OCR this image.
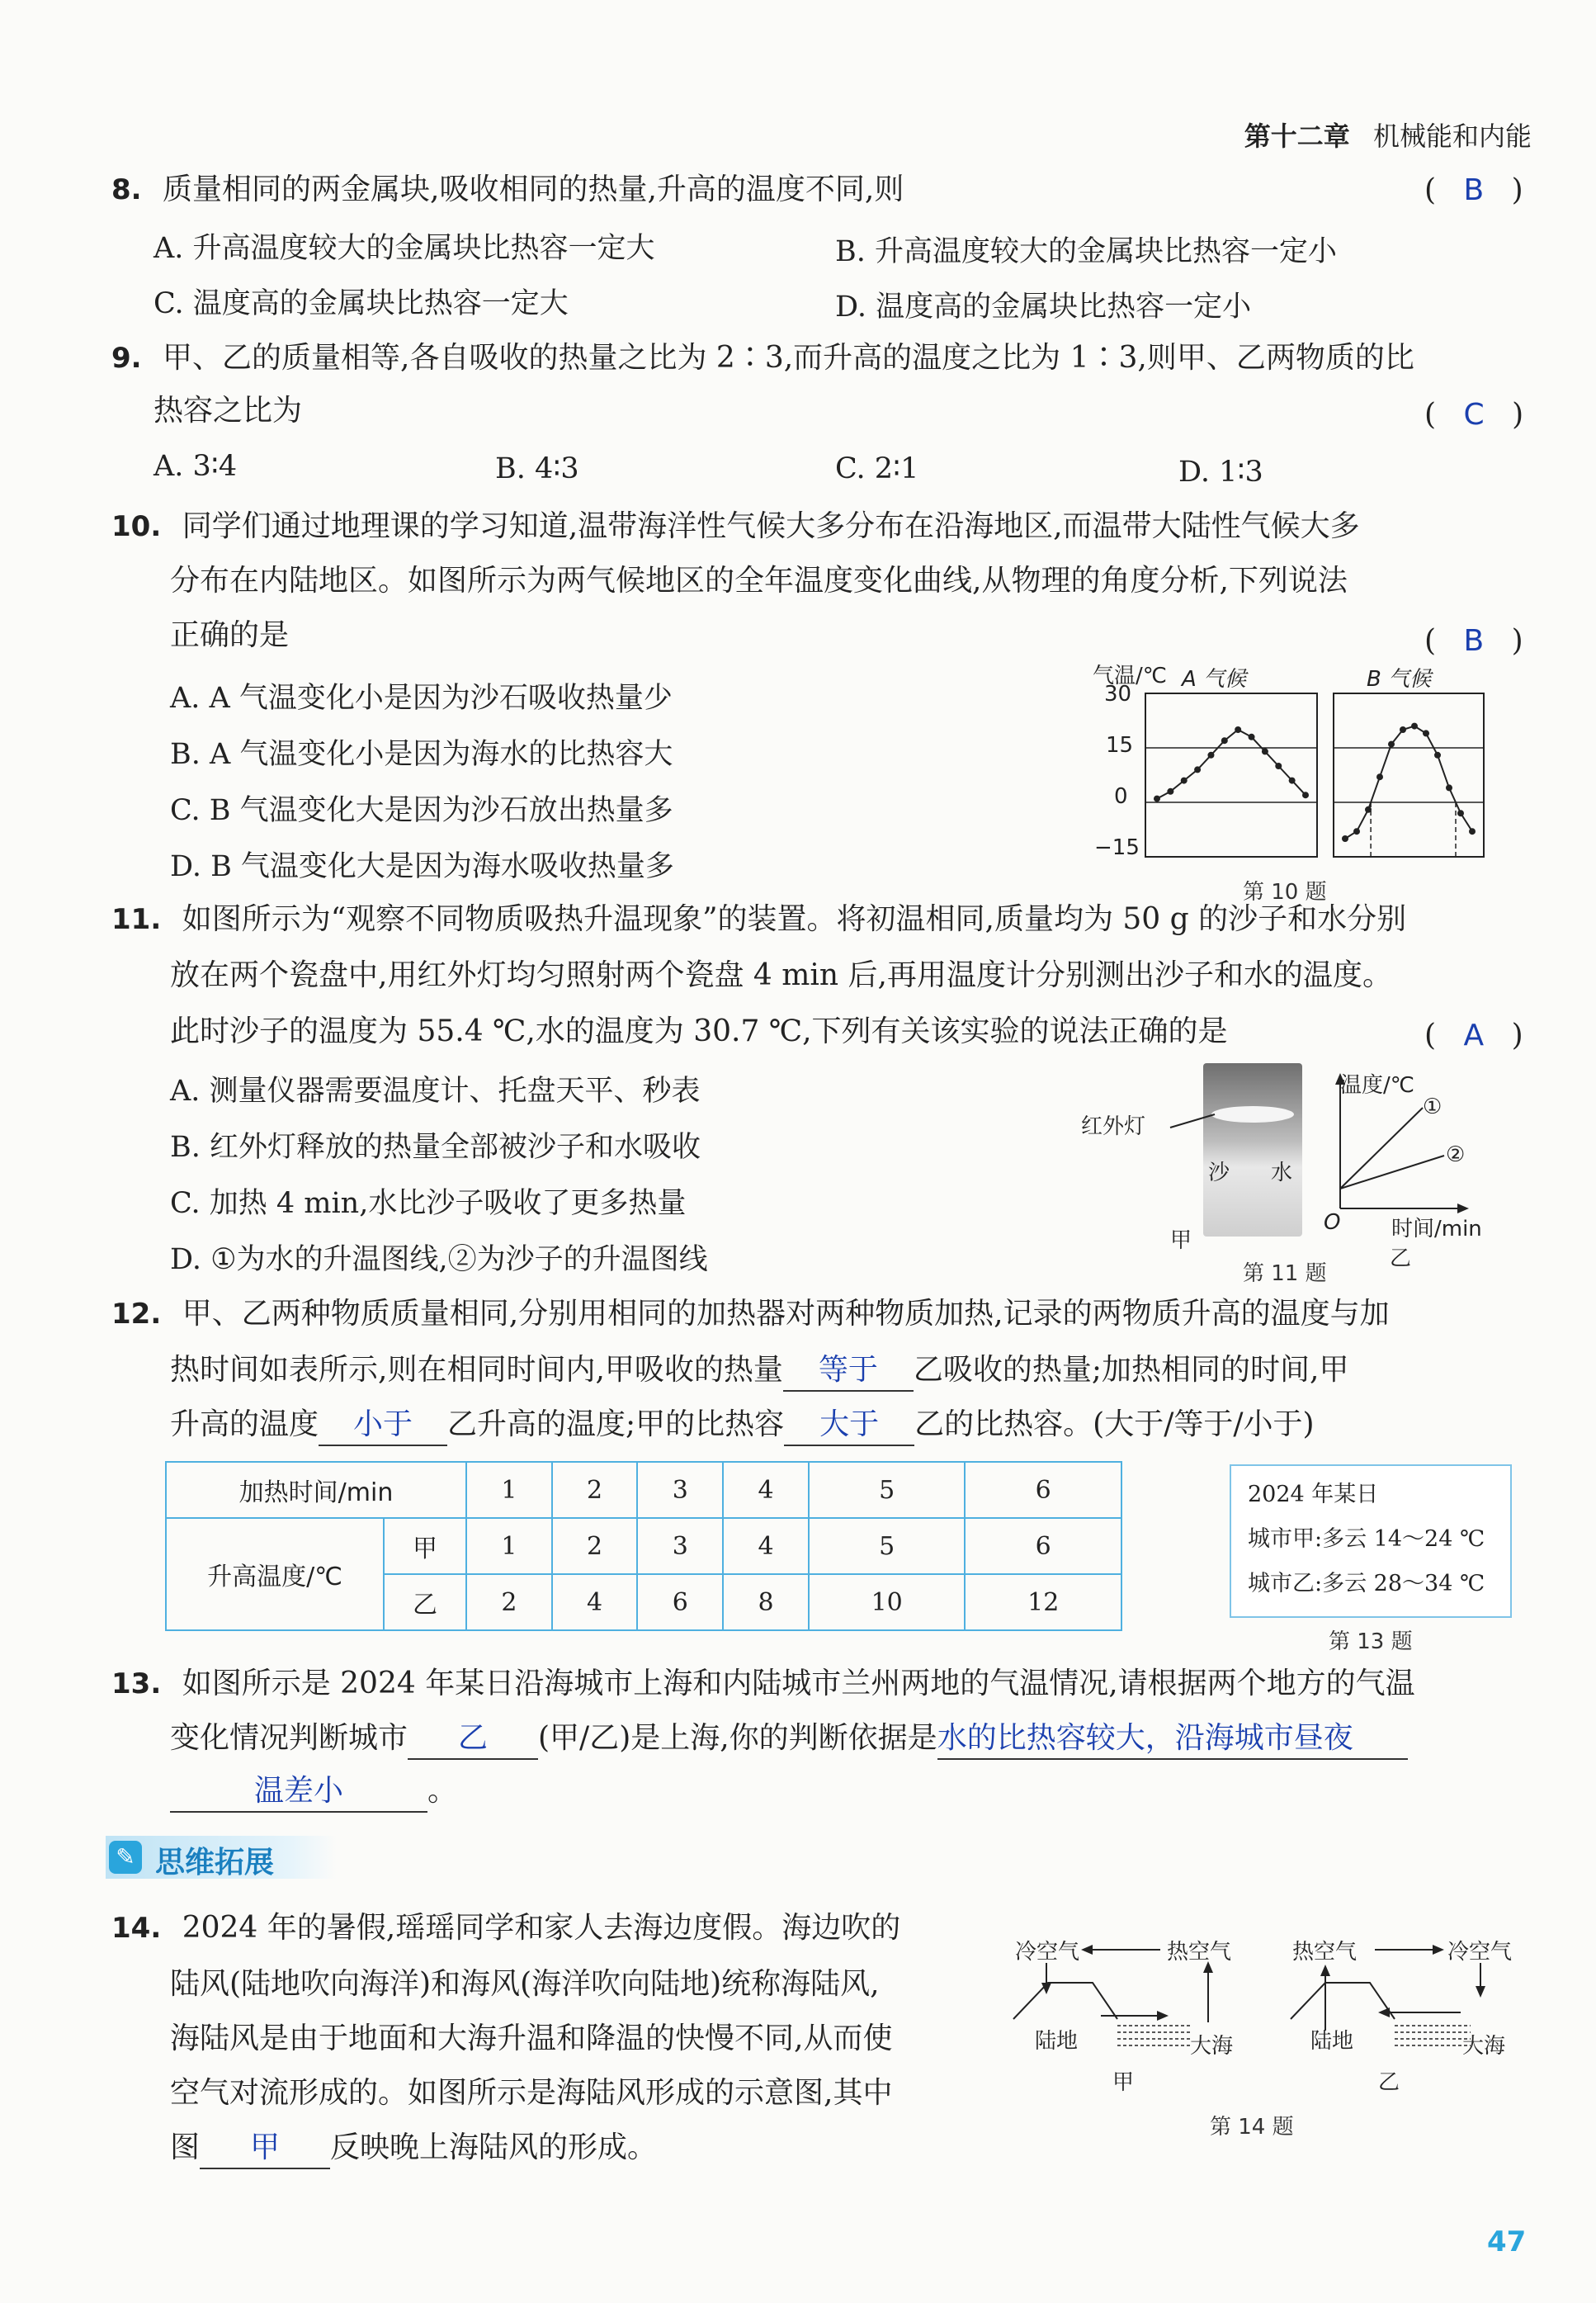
第十二章 机械能和内能
8. 质量相同的两金属块,吸收相同的热量,升高的温度不同,则	( B )
A. 升高温度较大的金属块比热容一定大	B. 升高温度较大的金属块比热容一定小
C. 温度高的金属块比热容一定大	D. 温度高的金属块比热容一定小
9. 甲、乙的质量相等,各自吸收的热量之比为 2∶3,而升高的温度之比为 1∶3,则甲、乙两物质的比
热容之比为	( C )
A. 3∶4	B. 4∶3	C. 2∶1	D. 1∶3
10. 同学们通过地理课的学习知道,温带海洋性气候大多分布在沿海地区,而温带大陆性气候大多
分布在内陆地区。如图所示为两气候地区的全年温度变化曲线,从物理的角度分析,下列说法
正确的是	( B )
A. A 气温变化小是因为沙石吸收热量少
B. A 气温变化小是因为海水的比热容大
C. B 气温变化大是因为沙石放出热量多
D. B 气温变化大是因为海水吸收热量多
气温/℃ A 气候	B 气候
30
15
0
−15
第 10 题
11. 如图所示为“观察不同物质吸热升温现象”的装置。将初温相同,质量均为 50 g 的沙子和水分别
放在两个瓷盘中,用红外灯均匀照射两个瓷盘 4 min 后,再用温度计分别测出沙子和水的温度。
此时沙子的温度为 55.4 ℃,水的温度为 30.7 ℃,下列有关该实验的说法正确的是	( A )
A. 测量仪器需要温度计、托盘天平、秒表
B. 红外灯释放的热量全部被沙子和水吸收
C. 加热 4 min,水比沙子吸收了更多热量
D. ①为水的升温图线,②为沙子的升温图线
红外灯
沙 水
甲
温度/℃
①
②
O 时间/min
乙
第 11 题
12. 甲、乙两种物质质量相同,分别用相同的加热器对两种物质加热,记录的两物质升高的温度与加
热时间如表所示,则在相同时间内,甲吸收的热量 等于 乙吸收的热量;加热相同的时间,甲
升高的温度 小于 乙升高的温度;甲的比热容 大于 乙的比热容。(大于/等于/小于)
加热时间/min		1	2	3	4	5	6
升高温度/℃	甲	1	2	3	4	5	6
	乙	2	4	6	8	10	12
2024 年某日
城市甲:多云 14～24 ℃
城市乙:多云 28～34 ℃
第 13 题
13. 如图所示是 2024 年某日沿海城市上海和内陆城市兰州两地的气温情况,请根据两个地方的气温
变化情况判断城市 乙 (甲/乙)是上海,你的判断依据是水的比热容较大，沿海城市昼夜
温差小	。
✎ 思维拓展
14. 2024 年的暑假,瑶瑶同学和家人去海边度假。海边吹的
陆风(陆地吹向海洋)和海风(海洋吹向陆地)统称海陆风,
海陆风是由于地面和大海升温和降温的快慢不同,从而使
空气对流形成的。如图所示是海陆风形成的示意图,其中
图 甲 反映晚上海陆风的形成。
冷空气	热空气
陆地	大海
甲
热空气	冷空气
陆地	大海
乙
第 14 题
47
